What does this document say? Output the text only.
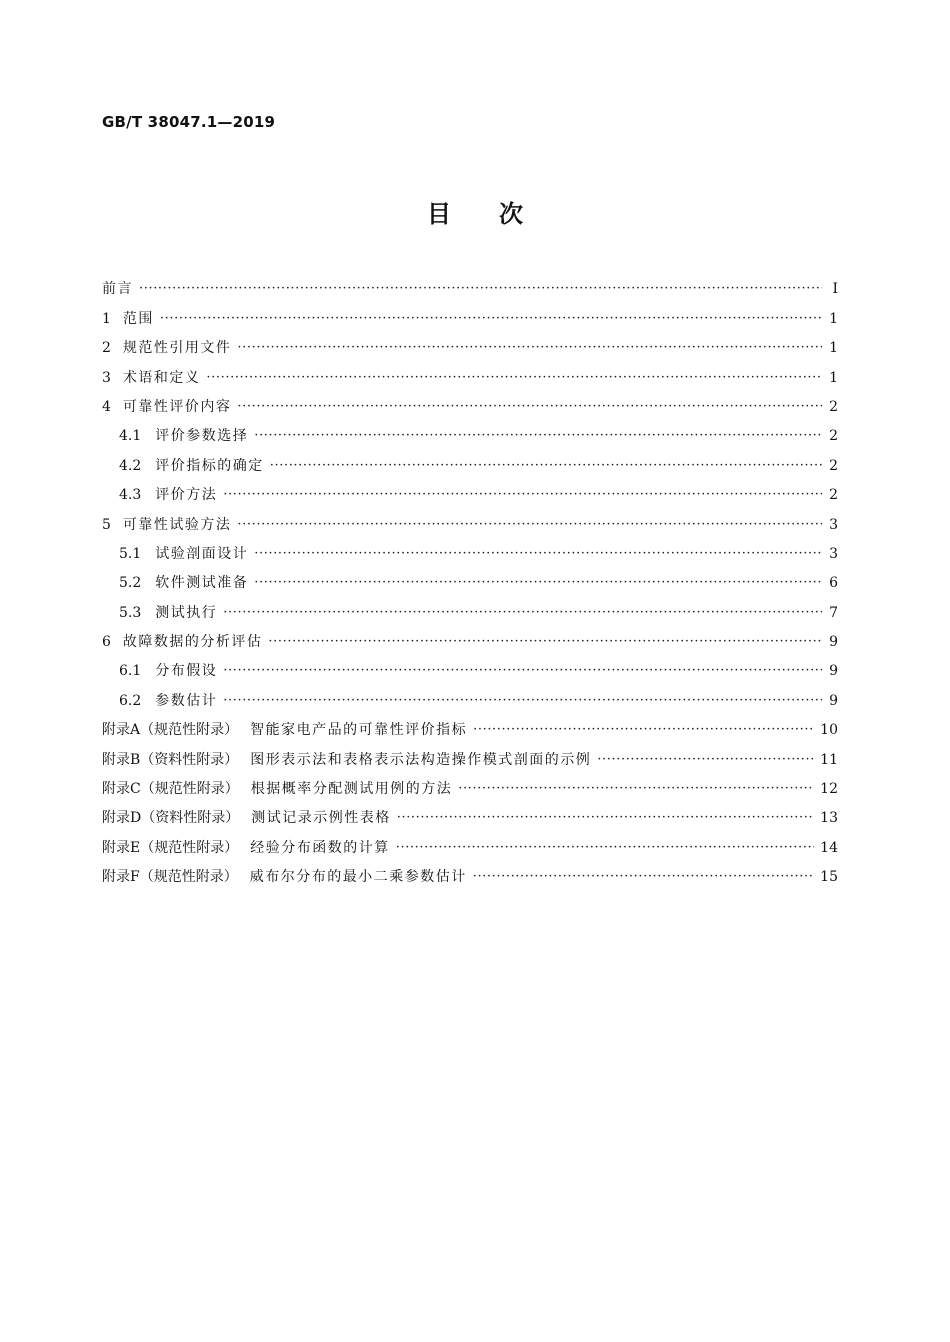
GB/T 38047.1—2019
目次
前言 ·····	Ⅰ
1 范围 ·····	1
2 规范性引用文件 ·····	1
3 术语和定义 ·····	1
4 可靠性评价内容 ·····	2
4.1	评价参数选择 ·····	2
4.2	评价指标的确定 ·····	2
4.3	评价方法 ·····	2
5 可靠性试验方法 ·····	3
5.1	试验剖面设计 ·····	3
5.2	软件测试准备 ·····	6
5.3	测试执行 ·····	7
6 故障数据的分析评估 ·····	9
6.1	分布假设 ·····	9
6.2	参数估计 ·····	9
附录A（规范性附录） 智能家电产品的可靠性评价指标 ·····	10
附录B（资料性附录） 图形表示法和表格表示法构造操作模式剖面的示例 ·····	11
附录C（规范性附录） 根据概率分配测试用例的方法 ·····	12
附录D（资料性附录） 测试记录示例性表格 ·····	13
附录E（规范性附录） 经验分布函数的计算 ·····	14
附录F（规范性附录） 威布尔分布的最小二乘参数估计 ·····	15
